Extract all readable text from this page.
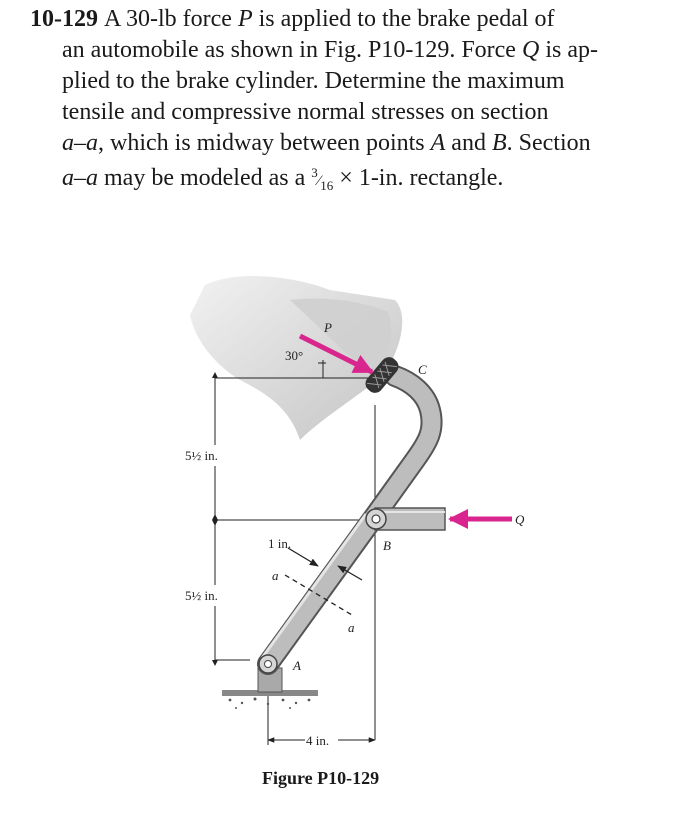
10-129 A 30-lb force P is applied to the brake pedal of
an automobile as shown in Fig. P10-129. Force Q is ap-
plied to the brake cylinder. Determine the maximum
tensile and compressive normal stresses on section
a–a, which is midway between points A and B. Section
a–a may be modeled as a $^3⁄_{16} \times 1-in$. rectangle.
P
30°
C
B
A
Q
a
a
1 in.
5½ in.
5½ in.
4 in.
Figure P10-129
